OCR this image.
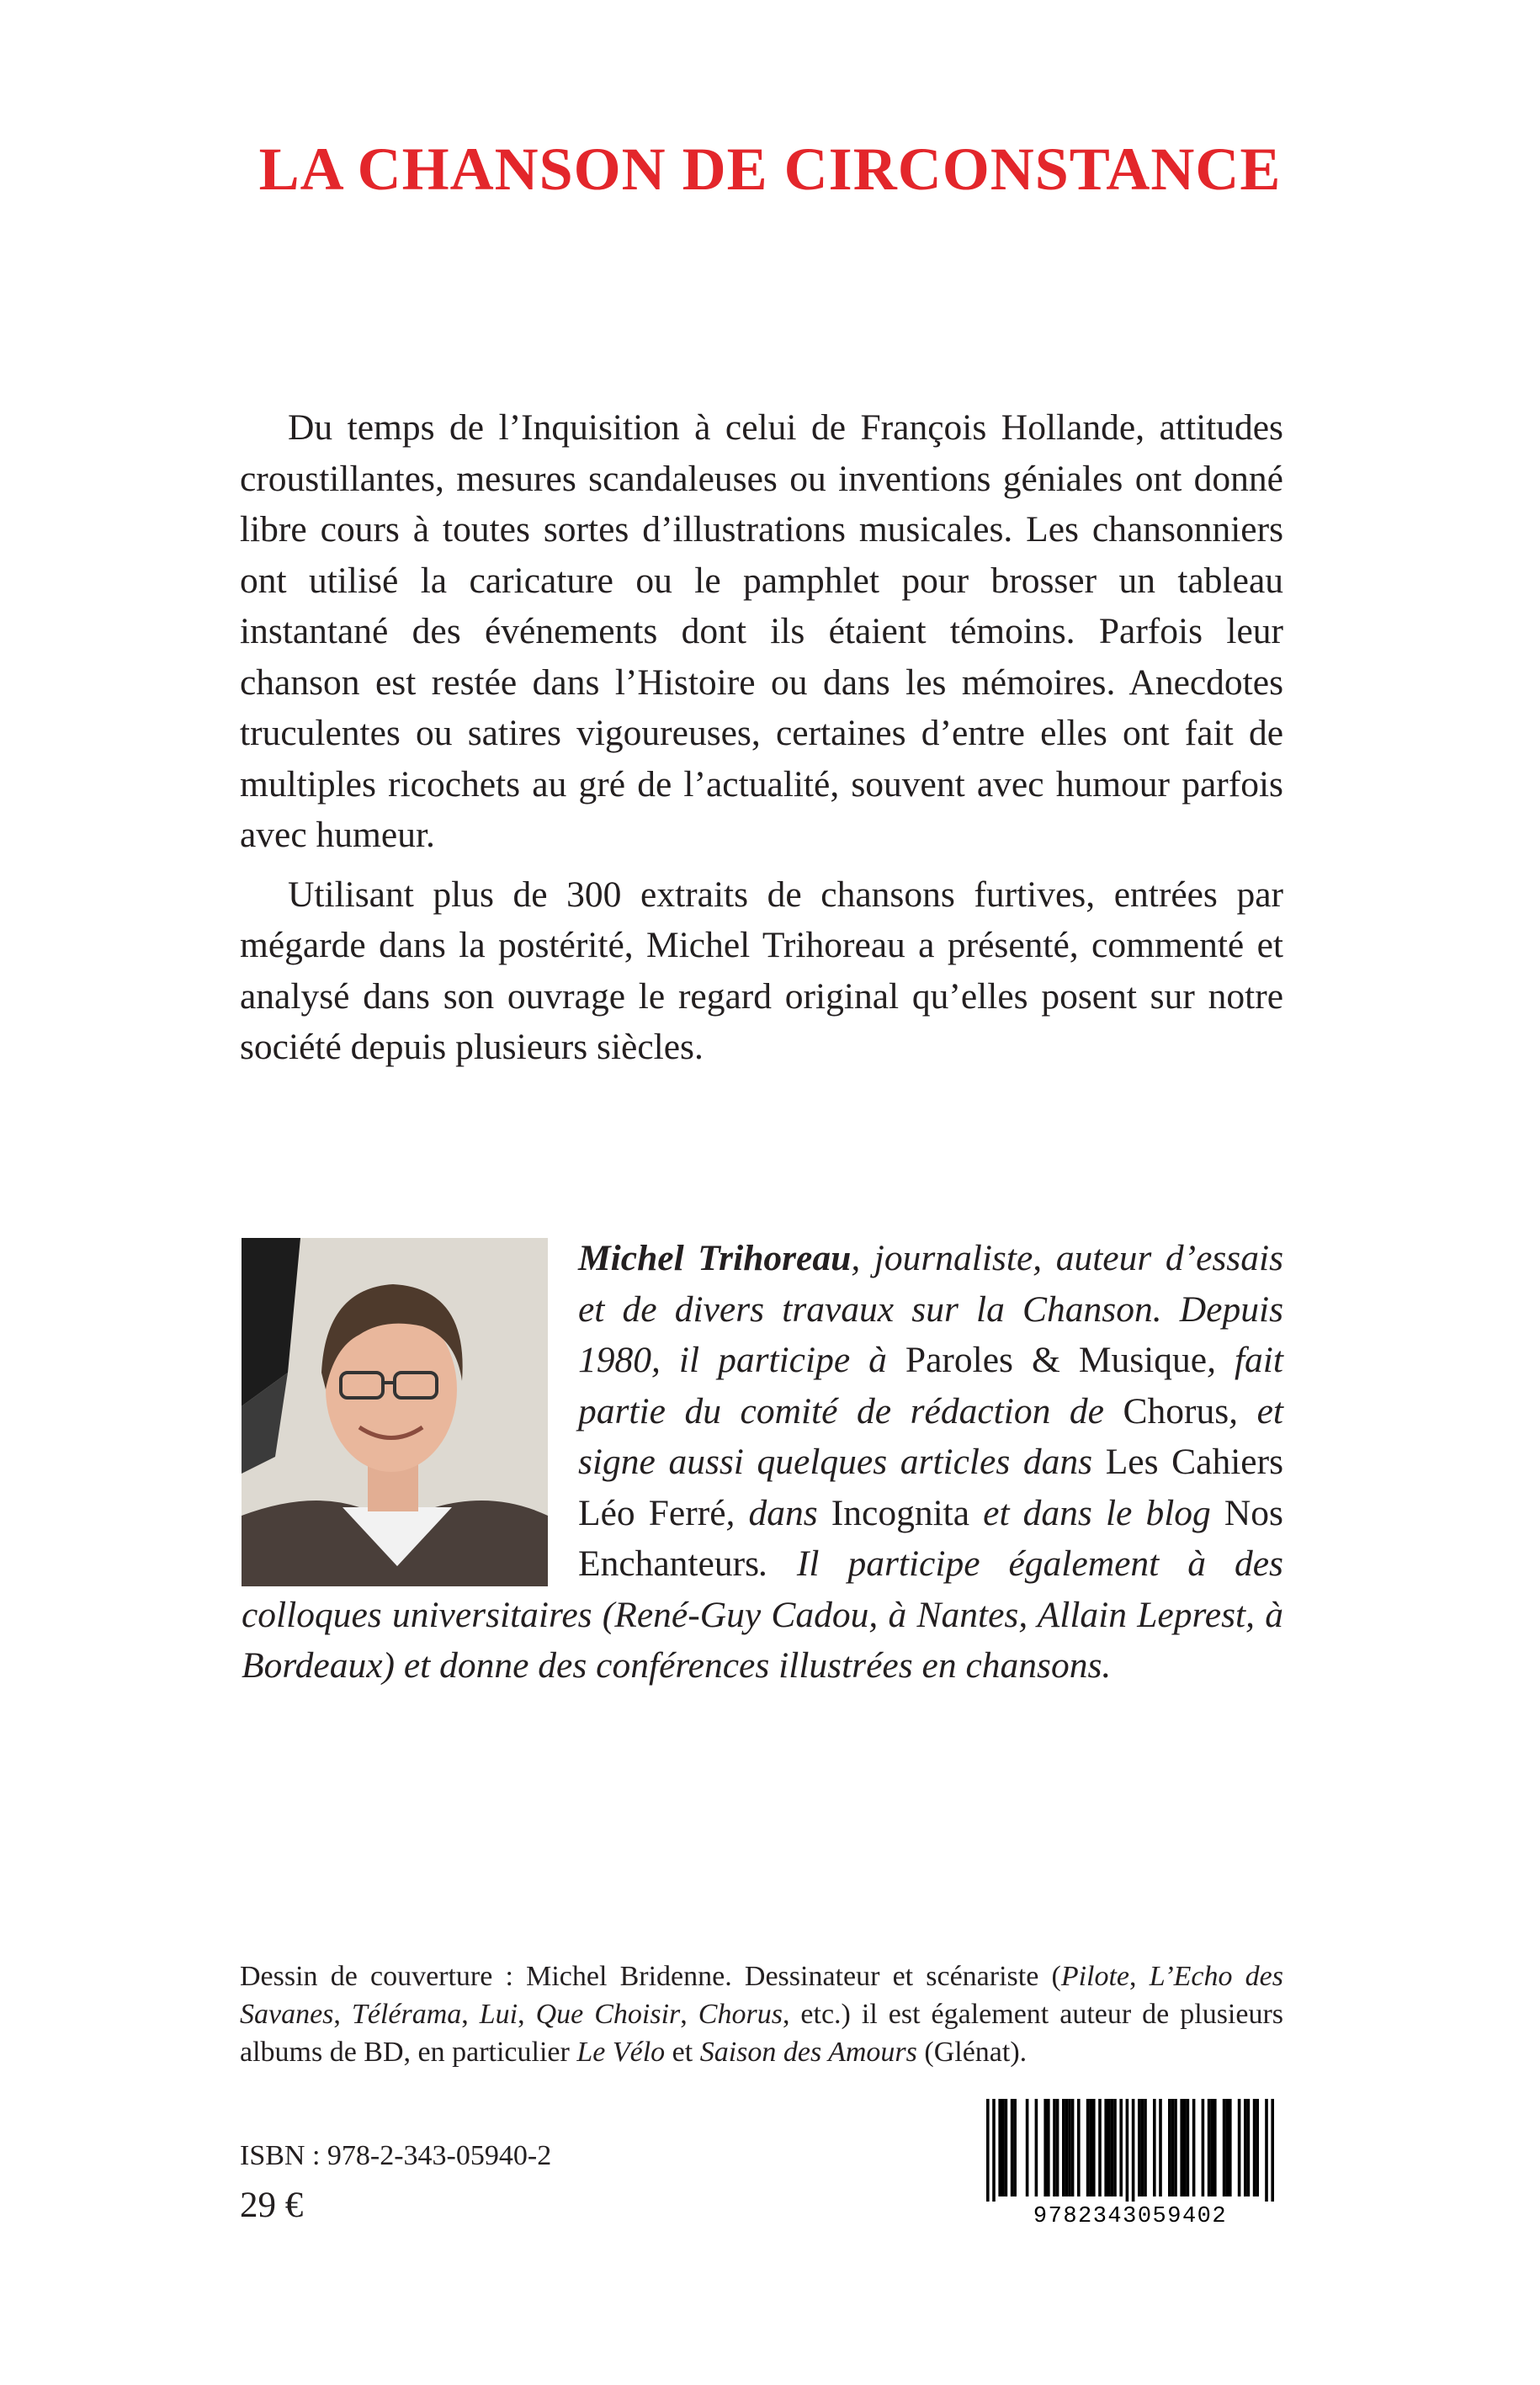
LA CHANSON DE CIRCONSTANCE

Du temps de l’Inquisition à celui de François Hollande, attitudes croustillantes, mesures scandaleuses ou inventions géniales ont donné libre cours à toutes sortes d’illustrations musicales. Les chansonniers ont utilisé la caricature ou le pamphlet pour brosser un tableau instantané des événements dont ils étaient témoins. Parfois leur chanson est restée dans l’Histoire ou dans les mémoires. Anecdotes truculentes ou satires vigoureuses, certaines d’entre elles ont fait de multiples ricochets au gré de l’actualité, souvent avec humour parfois avec humeur.

Utilisant plus de 300 extraits de chansons furtives, entrées par mégarde dans la postérité, Michel Trihoreau a présenté, commenté et analysé dans son ouvrage le regard original qu’elles posent sur notre société depuis plusieurs siècles.

Michel Trihoreau, journaliste, auteur d’essais et de divers travaux sur la Chanson. Depuis 1980, il participe à Paroles & Musique, fait partie du comité de rédaction de Chorus, et signe aussi quelques articles dans Les Cahiers Léo Ferré, dans Incognita et dans le blog Nos Enchanteurs. Il participe également à des colloques universitaires (René-Guy Cadou, à Nantes, Allain Leprest, à Bordeaux) et donne des conférences illustrées en chansons.
Dessin de couverture : Michel Bridenne. Dessinateur et scénariste (Pilote, L’Echo des Savanes, Télérama, Lui, Que Choisir, Chorus, etc.) il est également auteur de plusieurs albums de BD, en particulier Le Vélo et Saison des Amours (Glénat).
ISBN : 978-2-343-05940-2
29 €	9782343059402
